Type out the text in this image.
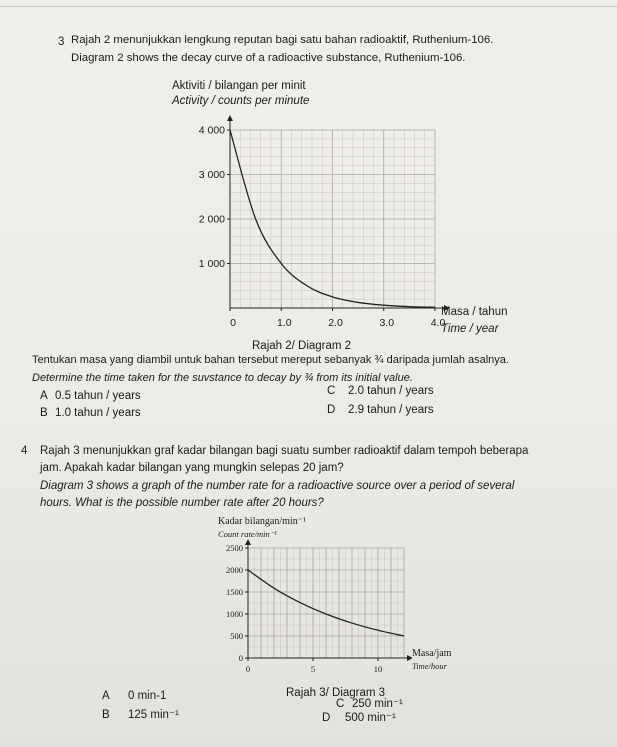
3 Rajah 2 menunjukkan lengkung reputan bagi satu bahan radioaktif, Ruthenium-106.
Diagram 2 shows the decay curve of a radioactive substance, Ruthenium-106.
Aktiviti / bilangan per minit
Activity / counts per minute
0	1.0	2.0	3.0	4.0
1 000
2 000
3 000
4 000
Masa / tahun
Time / year
Rajah 2/ Diagram 2
Tentukan masa yang diambil untuk bahan tersebut mereput sebanyak ¾ daripada jumlah asalnya.
Determine the time taken for the suvstance to decay by ¾ from its initial value.
A 0.5 tahun / years
B 1.0 tahun / years
C 2.0 tahun / years
D 2.9 tahun / years
4 Rajah 3 menunjukkan graf kadar bilangan bagi suatu sumber radioaktif dalam tempoh beberapa
jam. Apakah kadar bilangan yang mungkin selepas 20 jam?
Diagram 3 shows a graph of the number rate for a radioactive source over a period of several
hours. What is the possible number rate after 20 hours?
Kadar bilangan/min⁻¹
Count rate/min⁻¹
0	5	10
0
500
1000
1500
2000
2500
Masa/jam
Time/hour
Rajah 3/ Diagram 3
A 0 min-1
B 125 min⁻¹
C 250 min⁻¹
D 500 min⁻¹
